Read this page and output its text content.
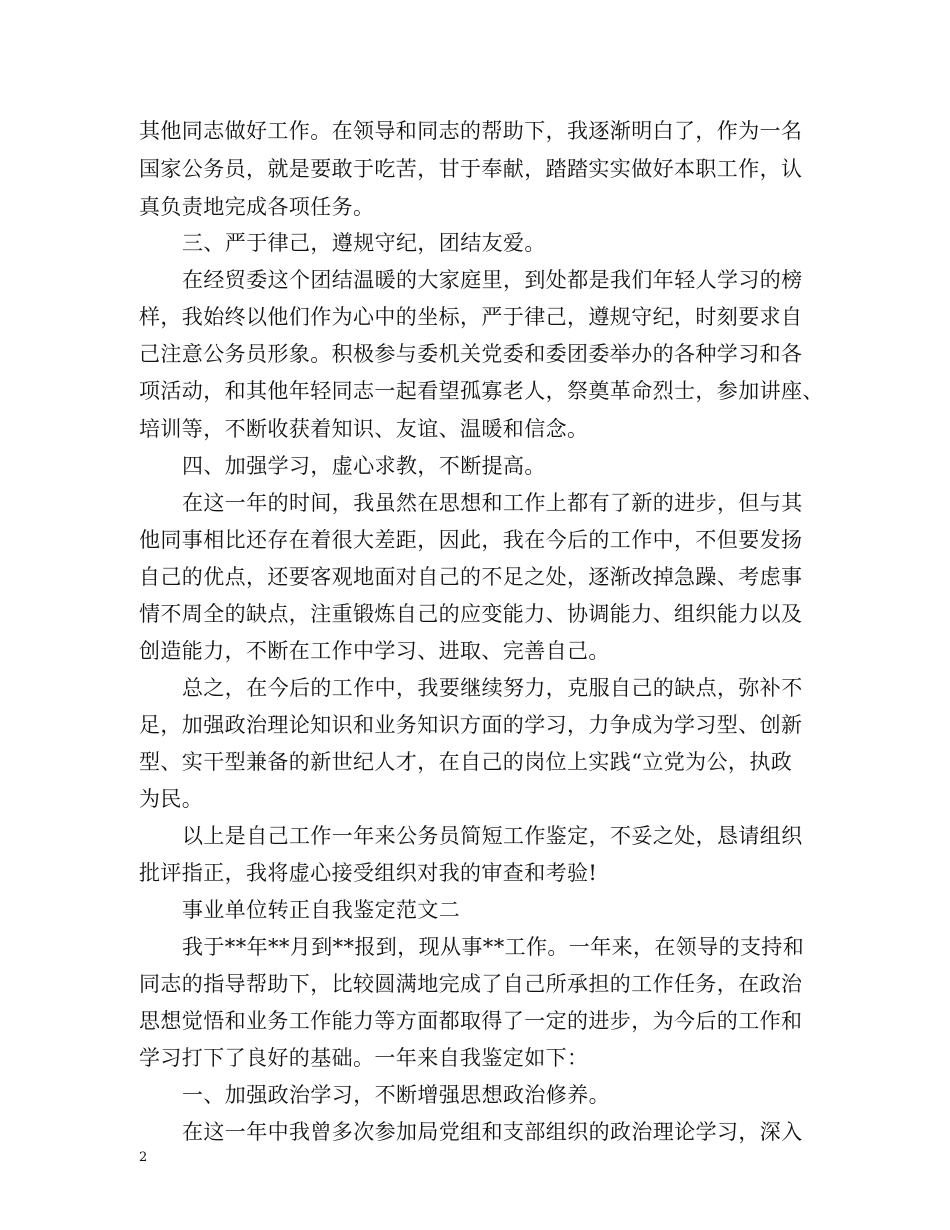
其他同志做好工作。在领导和同志的帮助下，我逐渐明白了，作为一名
国家公务员，就是要敢于吃苦，甘于奉献，踏踏实实做好本职工作，认
真负责地完成各项任务。
三、严于律己，遵规守纪，团结友爱。
在经贸委这个团结温暖的大家庭里，到处都是我们年轻人学习的榜
样，我始终以他们作为心中的坐标，严于律己，遵规守纪，时刻要求自
己注意公务员形象。积极参与委机关党委和委团委举办的各种学习和各
项活动，和其他年轻同志一起看望孤寡老人，祭奠革命烈士，参加讲座、
培训等，不断收获着知识、友谊、温暖和信念。
四、加强学习，虚心求教，不断提高。
在这一年的时间，我虽然在思想和工作上都有了新的进步，但与其
他同事相比还存在着很大差距，因此，我在今后的工作中，不但要发扬
自己的优点，还要客观地面对自己的不足之处，逐渐改掉急躁、考虑事
情不周全的缺点，注重锻炼自己的应变能力、协调能力、组织能力以及
创造能力，不断在工作中学习、进取、完善自己。
总之，在今后的工作中，我要继续努力，克服自己的缺点，弥补不
足，加强政治理论知识和业务知识方面的学习，力争成为学习型、创新
型、实干型兼备的新世纪人才，在自己的岗位上实践“立党为公，执政
为民。
以上是自己工作一年来公务员简短工作鉴定，不妥之处，恳请组织
批评指正，我将虚心接受组织对我的审查和考验!
事业单位转正自我鉴定范文二
我于**年**月到**报到，现从事**工作。一年来，在领导的支持和
同志的指导帮助下，比较圆满地完成了自己所承担的工作任务，在政治
思想觉悟和业务工作能力等方面都取得了一定的进步，为今后的工作和
学习打下了良好的基础。一年来自我鉴定如下：
一、加强政治学习，不断增强思想政治修养。
在这一年中我曾多次参加局党组和支部组织的政治理论学习，深入
2
